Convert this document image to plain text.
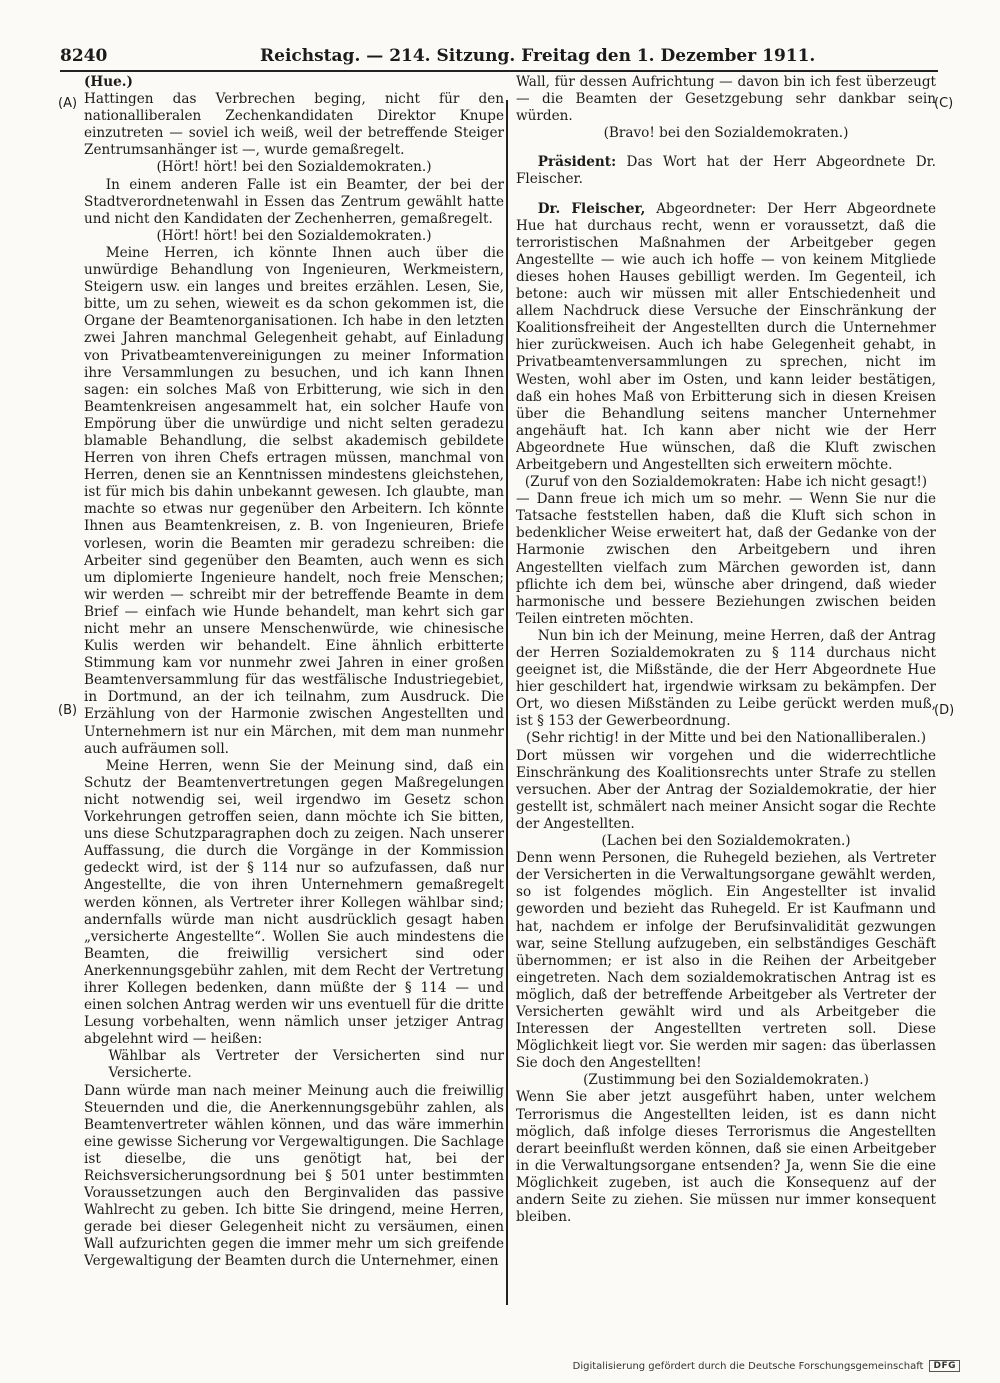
8240	Reichstag. — 214. Sitzung. Freitag den 1. Dezember 1911.
(A)
(B)
(C)
(D)

(Hue.)

Hattingen das Verbrechen beging, nicht für den nationalliberalen Zechenkandidaten Direktor Knupe einzutreten — soviel ich weiß, weil der betreffende Steiger Zentrumsanhänger ist —, wurde gemaßregelt.

(Hört! hört! bei den Sozialdemokraten.)

In einem anderen Falle ist ein Beamter, der bei der Stadtverordnetenwahl in Essen das Zentrum gewählt hatte und nicht den Kandidaten der Zechenherren, gemaßregelt.

(Hört! hört! bei den Sozialdemokraten.)

Meine Herren, ich könnte Ihnen auch über die unwürdige Behandlung von Ingenieuren, Werkmeistern, Steigern usw. ein langes und breites erzählen. Lesen, Sie, bitte, um zu sehen, wieweit es da schon gekommen ist, die Organe der Beamtenorganisationen. Ich habe in den letzten zwei Jahren manchmal Gelegenheit gehabt, auf Einladung von Privatbeamtenvereinigungen zu meiner Information ihre Versammlungen zu besuchen, und ich kann Ihnen sagen: ein solches Maß von Erbitterung, wie sich in den Beamtenkreisen angesammelt hat, ein solcher Haufe von Empörung über die unwürdige und nicht selten geradezu blamable Behandlung, die selbst akademisch gebildete Herren von ihren Chefs ertragen müssen, manchmal von Herren, denen sie an Kenntnissen mindestens gleichstehen, ist für mich bis dahin unbekannt gewesen. Ich glaubte, man machte so etwas nur gegenüber den Arbeitern. Ich könnte Ihnen aus Beamtenkreisen, z. B. von Ingenieuren, Briefe vorlesen, worin die Beamten mir geradezu schreiben: die Arbeiter sind gegenüber den Beamten, auch wenn es sich um diplomierte Ingenieure handelt, noch freie Menschen; wir werden — schreibt mir der betreffende Beamte in dem Brief — einfach wie Hunde behandelt, man kehrt sich gar nicht mehr an unsere Menschenwürde, wie chinesische Kulis werden wir behandelt. Eine ähnlich erbitterte Stimmung kam vor nunmehr zwei Jahren in einer großen Beamtenversammlung für das westfälische Industriegebiet, in Dortmund, an der ich teilnahm, zum Ausdruck. Die Erzählung von der Harmonie zwischen Angestellten und Unternehmern ist nur ein Märchen, mit dem man nunmehr auch aufräumen soll.

Meine Herren, wenn Sie der Meinung sind, daß ein Schutz der Beamtenvertretungen gegen Maßregelungen nicht notwendig sei, weil irgendwo im Gesetz schon Vorkehrungen getroffen seien, dann möchte ich Sie bitten, uns diese Schutzparagraphen doch zu zeigen. Nach unserer Auffassung, die durch die Vorgänge in der Kommission gedeckt wird, ist der § 114 nur so aufzufassen, daß nur Angestellte, die von ihren Unternehmern gemaßregelt werden können, als Vertreter ihrer Kollegen wählbar sind; andernfalls würde man nicht ausdrücklich gesagt haben „versicherte Angestellte“. Wollen Sie auch mindestens die Beamten, die freiwillig versichert sind oder Anerkennungsgebühr zahlen, mit dem Recht der Vertretung ihrer Kollegen bedenken, dann müßte der § 114 — und einen solchen Antrag werden wir uns eventuell für die dritte Lesung vorbehalten, wenn nämlich unser jetziger Antrag abgelehnt wird — heißen:

Wählbar als Vertreter der Versicherten sind nur Versicherte.

Dann würde man nach meiner Meinung auch die freiwillig Steuernden und die, die Anerkennungsgebühr zahlen, als Beamtenvertreter wählen können, und das wäre immerhin eine gewisse Sicherung vor Vergewaltigungen. Die Sachlage ist dieselbe, die uns genötigt hat, bei der Reichsversicherungsordnung bei § 501 unter bestimmten Voraussetzungen auch den Berginvaliden das passive Wahlrecht zu geben. Ich bitte Sie dringend, meine Herren, gerade bei dieser Gelegenheit nicht zu versäumen, einen Wall aufzurichten gegen die immer mehr um sich greifende Vergewaltigung der Beamten durch die Unternehmer, einen

Wall, für dessen Aufrichtung — davon bin ich fest überzeugt — die Beamten der Gesetzgebung sehr dankbar sein würden.

(Bravo! bei den Sozialdemokraten.)

Präsident: Das Wort hat der Herr Abgeordnete Dr. Fleischer.

Dr. Fleischer, Abgeordneter: Der Herr Abgeordnete Hue hat durchaus recht, wenn er voraussetzt, daß die terroristischen Maßnahmen der Arbeitgeber gegen Angestellte — wie auch ich hoffe — von keinem Mitgliede dieses hohen Hauses gebilligt werden. Im Gegenteil, ich betone: auch wir müssen mit aller Entschiedenheit und allem Nachdruck diese Versuche der Einschränkung der Koalitionsfreiheit der Angestellten durch die Unternehmer hier zurückweisen. Auch ich habe Gelegenheit gehabt, in Privatbeamtenversammlungen zu sprechen, nicht im Westen, wohl aber im Osten, und kann leider bestätigen, daß ein hohes Maß von Erbitterung sich in diesen Kreisen über die Behandlung seitens mancher Unternehmer angehäuft hat. Ich kann aber nicht wie der Herr Abgeordnete Hue wünschen, daß die Kluft zwischen Arbeitgebern und Angestellten sich erweitern möchte.

(Zuruf von den Sozialdemokraten: Habe ich nicht gesagt!)

— Dann freue ich mich um so mehr. — Wenn Sie nur die Tatsache feststellen haben, daß die Kluft sich schon in bedenklicher Weise erweitert hat, daß der Gedanke von der Harmonie zwischen den Arbeitgebern und ihren Angestellten vielfach zum Märchen geworden ist, dann pflichte ich dem bei, wünsche aber dringend, daß wieder harmonische und bessere Beziehungen zwischen beiden Teilen eintreten möchten.

Nun bin ich der Meinung, meine Herren, daß der Antrag der Herren Sozialdemokraten zu § 114 durchaus nicht geeignet ist, die Mißstände, die der Herr Abgeordnete Hue hier geschildert hat, irgendwie wirksam zu bekämpfen. Der Ort, wo diesen Mißständen zu Leibe gerückt werden muß, ist § 153 der Gewerbeordnung.

(Sehr richtig! in der Mitte und bei den Nationalliberalen.)

Dort müssen wir vorgehen und die widerrechtliche Einschränkung des Koalitionsrechts unter Strafe zu stellen versuchen. Aber der Antrag der Sozialdemokratie, der hier gestellt ist, schmälert nach meiner Ansicht sogar die Rechte der Angestellten.

(Lachen bei den Sozialdemokraten.)

Denn wenn Personen, die Ruhegeld beziehen, als Vertreter der Versicherten in die Verwaltungsorgane gewählt werden, so ist folgendes möglich. Ein Angestellter ist invalid geworden und bezieht das Ruhegeld. Er ist Kaufmann und hat, nachdem er infolge der Berufsinvalidität gezwungen war, seine Stellung aufzugeben, ein selbständiges Geschäft übernommen; er ist also in die Reihen der Arbeitgeber eingetreten. Nach dem sozialdemokratischen Antrag ist es möglich, daß der betreffende Arbeitgeber als Vertreter der Versicherten gewählt wird und als Arbeitgeber die Interessen der Angestellten vertreten soll. Diese Möglichkeit liegt vor. Sie werden mir sagen: das überlassen Sie doch den Angestellten!

(Zustimmung bei den Sozialdemokraten.)

Wenn Sie aber jetzt ausgeführt haben, unter welchem Terrorismus die Angestellten leiden, ist es dann nicht möglich, daß infolge dieses Terrorismus die Angestellten derart beeinflußt werden können, daß sie einen Arbeitgeber in die Verwaltungsorgane entsenden? Ja, wenn Sie die eine Möglichkeit zugeben, ist auch die Konsequenz auf der andern Seite zu ziehen. Sie müssen nur immer konsequent bleiben.

Digitalisierung gefördert durch die Deutsche Forschungsgemeinschaft	DFG
